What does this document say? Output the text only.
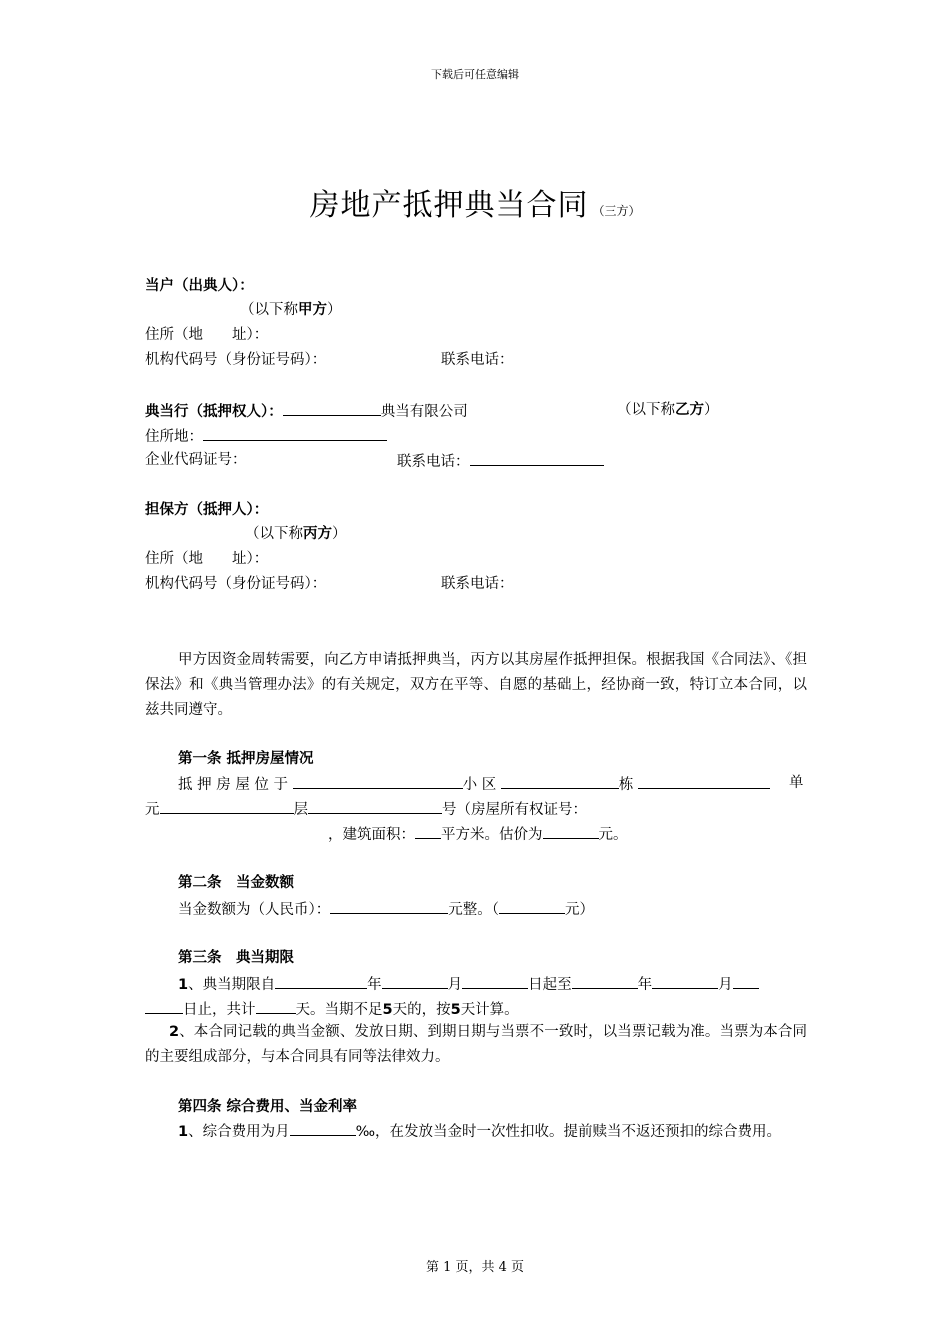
下载后可任意编辑
房地产抵押典当合同 （三方）
当户（出典人）：
（以下称甲方）
住所（地　　址）：
机构代码号（身份证号码）：	联系电话：
典当行（抵押权人）：	典当有限公司	（以下称乙方）
住所地：
企业代码证号：	联系电话：
担保方（抵押人）：
（以下称丙方）
住所（地　　址）：
机构代码号（身份证号码）：	联系电话：
甲方因资金周转需要，向乙方申请抵押典当，丙方以其房屋作抵押担保。根据我国《合同法》、《担保法》和《典当管理办法》的有关规定，双方在平等、自愿的基础上，经协商一致，特订立本合同，以兹共同遵守。
第一条 抵押房屋情况
抵 押 房 屋 位 于	小 区	栋	单
元	层	号（房屋所有权证号：
，建筑面积： 平方米。估价为	元。
第二条　当金数额
当金数额为（人民币）：	元整。（	元）
第三条　典当期限
1、典当期限自	年	月	日起至	年	月
日止，共计	天。当期不足5天的，按5天计算。
2、本合同记载的典当金额、发放日期、到期日期与当票不一致时，以当票记载为准。当票为本合同的主要组成部分，与本合同具有同等法律效力。
第四条 综合费用、当金利率
1、综合费用为月	‰，在发放当金时一次性扣收。提前赎当不返还预扣的综合费用。
第 1 页，共 4 页
